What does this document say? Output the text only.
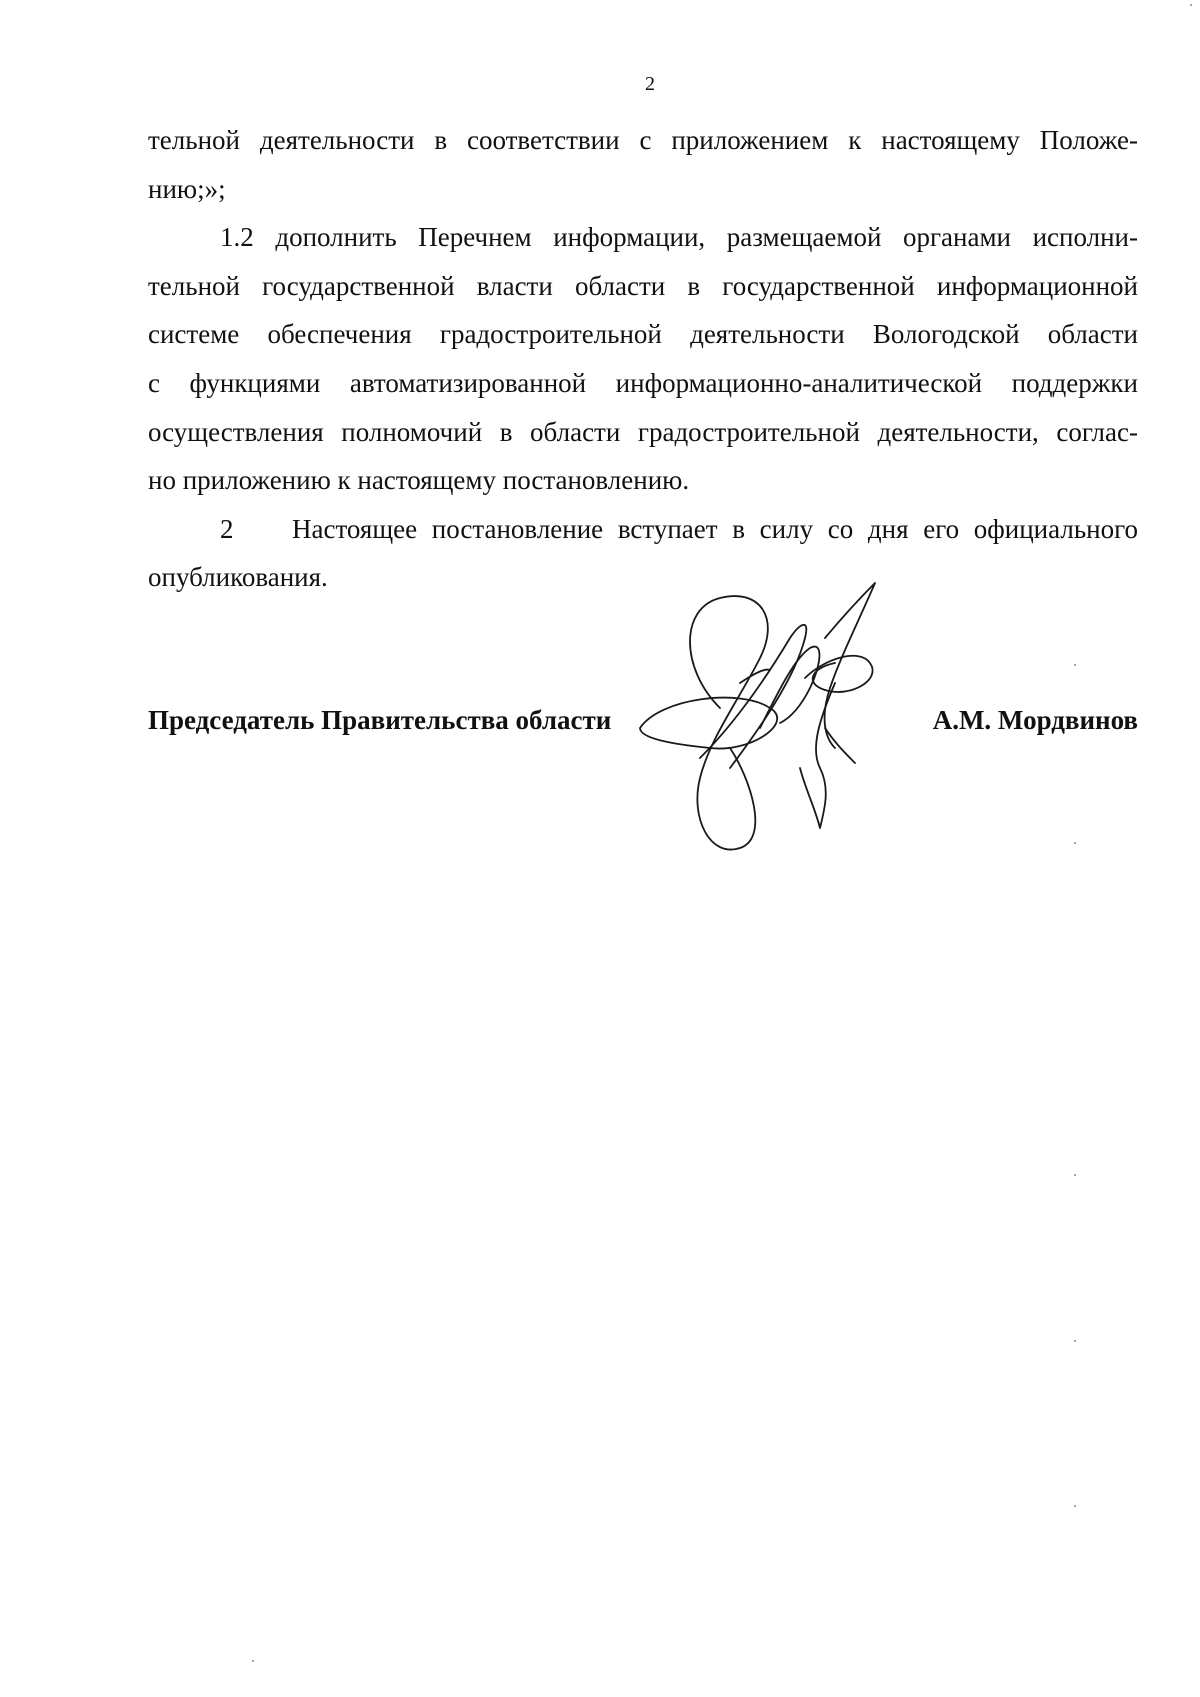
2
тельной деятельности в соответствии с приложением к настоящему Положе-
нию;»;
1.2 дополнить Перечнем информации, размещаемой органами исполни-
тельной государственной власти области в государственной информационной
системе обеспечения градостроительной деятельности Вологодской области
с функциями автоматизированной информационно-аналитической поддержки
осуществления полномочий в области градостроительной деятельности, соглас-
но приложению к настоящему постановлению.
2	Настоящее постановление вступает в силу со дня его официального
опубликования.
Председатель Правительства области	А.М. Мордвинов
